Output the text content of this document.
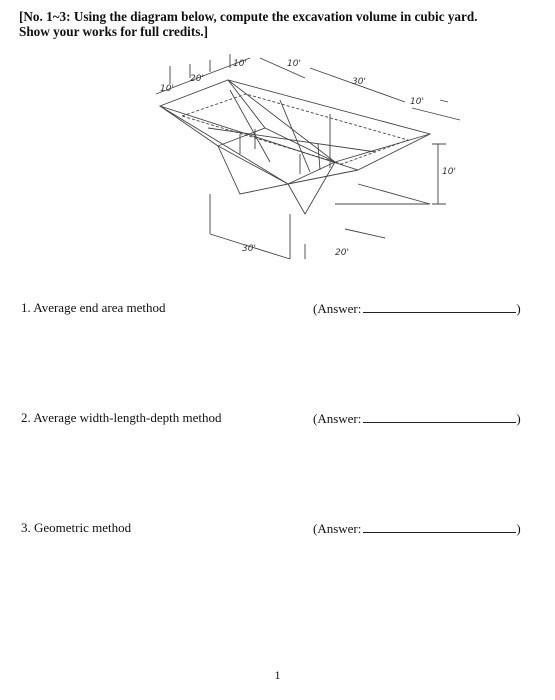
[No. 1~3: Using the diagram below, compute the excavation volume in cubic yard.
Show your works for full credits.]
10'
20'
10'	10'
30'
10'
10'
30'	20'
1. Average end area method	(Answer:	)
2. Average width-length-depth method	(Answer:	)
3. Geometric method	(Answer:	)
1
